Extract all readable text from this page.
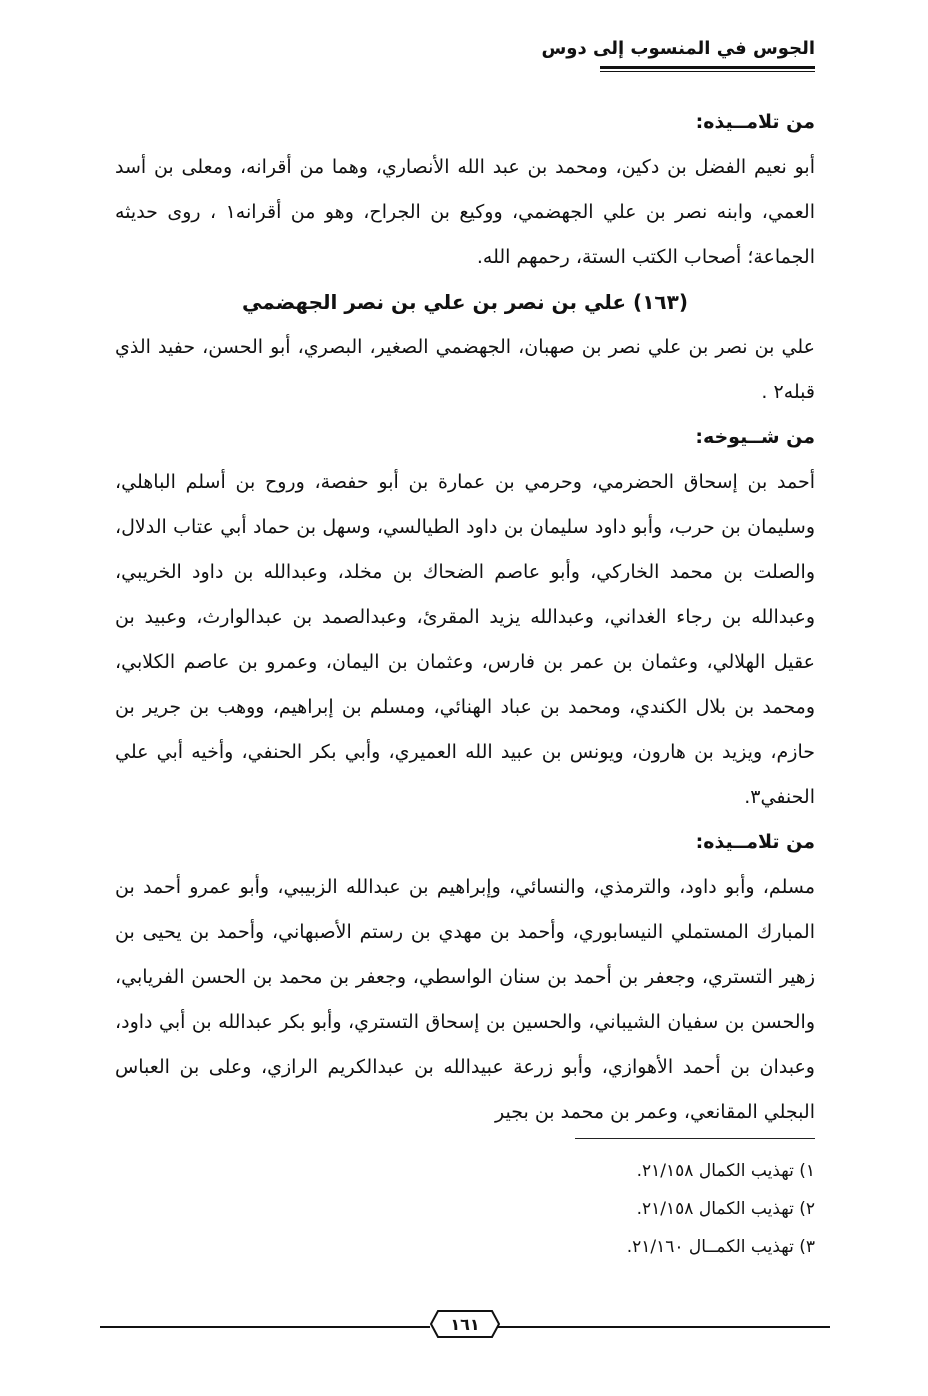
الجوس في المنسوب إلى دوس

من تلامــيذه:

أبو نعيم الفضل بن دكين، ومحمد بن عبد الله الأنصاري، وهما من أقرانه، ومعلى بن أسد العمي، وابنه نصر بن علي الجهضمي، ووكيع بن الجراح، وهو من أقرانه١ ، روى حديثه الجماعة؛ أصحاب الكتب الستة، رحمهم الله.

(١٦٣) علي بن نصر بن علي بن نصر الجهضمي

علي بن نصر بن علي نصر بن صهبان، الجهضمي الصغير، البصري، أبو الحسن، حفيد الذي قبله٢ .

من شــيوخه:

أحمد بن إسحاق الحضرمي، وحرمي بن عمارة بن أبو حفصة، وروح بن أسلم الباهلي، وسليمان بن حرب، وأبو داود سليمان بن داود الطيالسي، وسهل بن حماد أبي عتاب الدلال، والصلت بن محمد الخاركي، وأبو عاصم الضحاك بن مخلد، وعبدالله بن داود الخريبي، وعبدالله بن رجاء الغداني، وعبدالله يزيد المقرئ، وعبدالصمد بن عبدالوارث، وعبيد بن عقيل الهلالي، وعثمان بن عمر بن فارس، وعثمان بن اليمان، وعمرو بن عاصم الكلابي، ومحمد بن بلال الكندي، ومحمد بن عباد الهنائي، ومسلم بن إبراهيم، ووهب بن جرير بن حازم، ويزيد بن هارون، ويونس بن عبيد الله العميري، وأبي بكر الحنفي، وأخيه أبي علي الحنفي٣.

من تلامــيذه:

مسلم، وأبو داود، والترمذي، والنسائي، وإبراهيم بن عبدالله الزبيبي، وأبو عمرو أحمد بن المبارك المستملي النيسابوري، وأحمد بن مهدي بن رستم الأصبهاني، وأحمد بن يحيى بن زهير التستري، وجعفر بن أحمد بن سنان الواسطي، وجعفر بن محمد بن الحسن الفريابي، والحسن بن سفيان الشيباني، والحسين بن إسحاق التستري، وأبو بكر عبدالله بن أبي داود، وعبدان بن أحمد الأهوازي، وأبو زرعة عبيدالله بن عبدالكريم الرازي، وعلى بن العباس البجلي المقانعي، وعمر بن محمد بن بجير

١) تهذيب الكمال ٢١/١٥٨.

٢) تهذيب الكمال ٢١/١٥٨.

٣) تهذيب الكمــال ٢١/١٦٠.

١٦١
